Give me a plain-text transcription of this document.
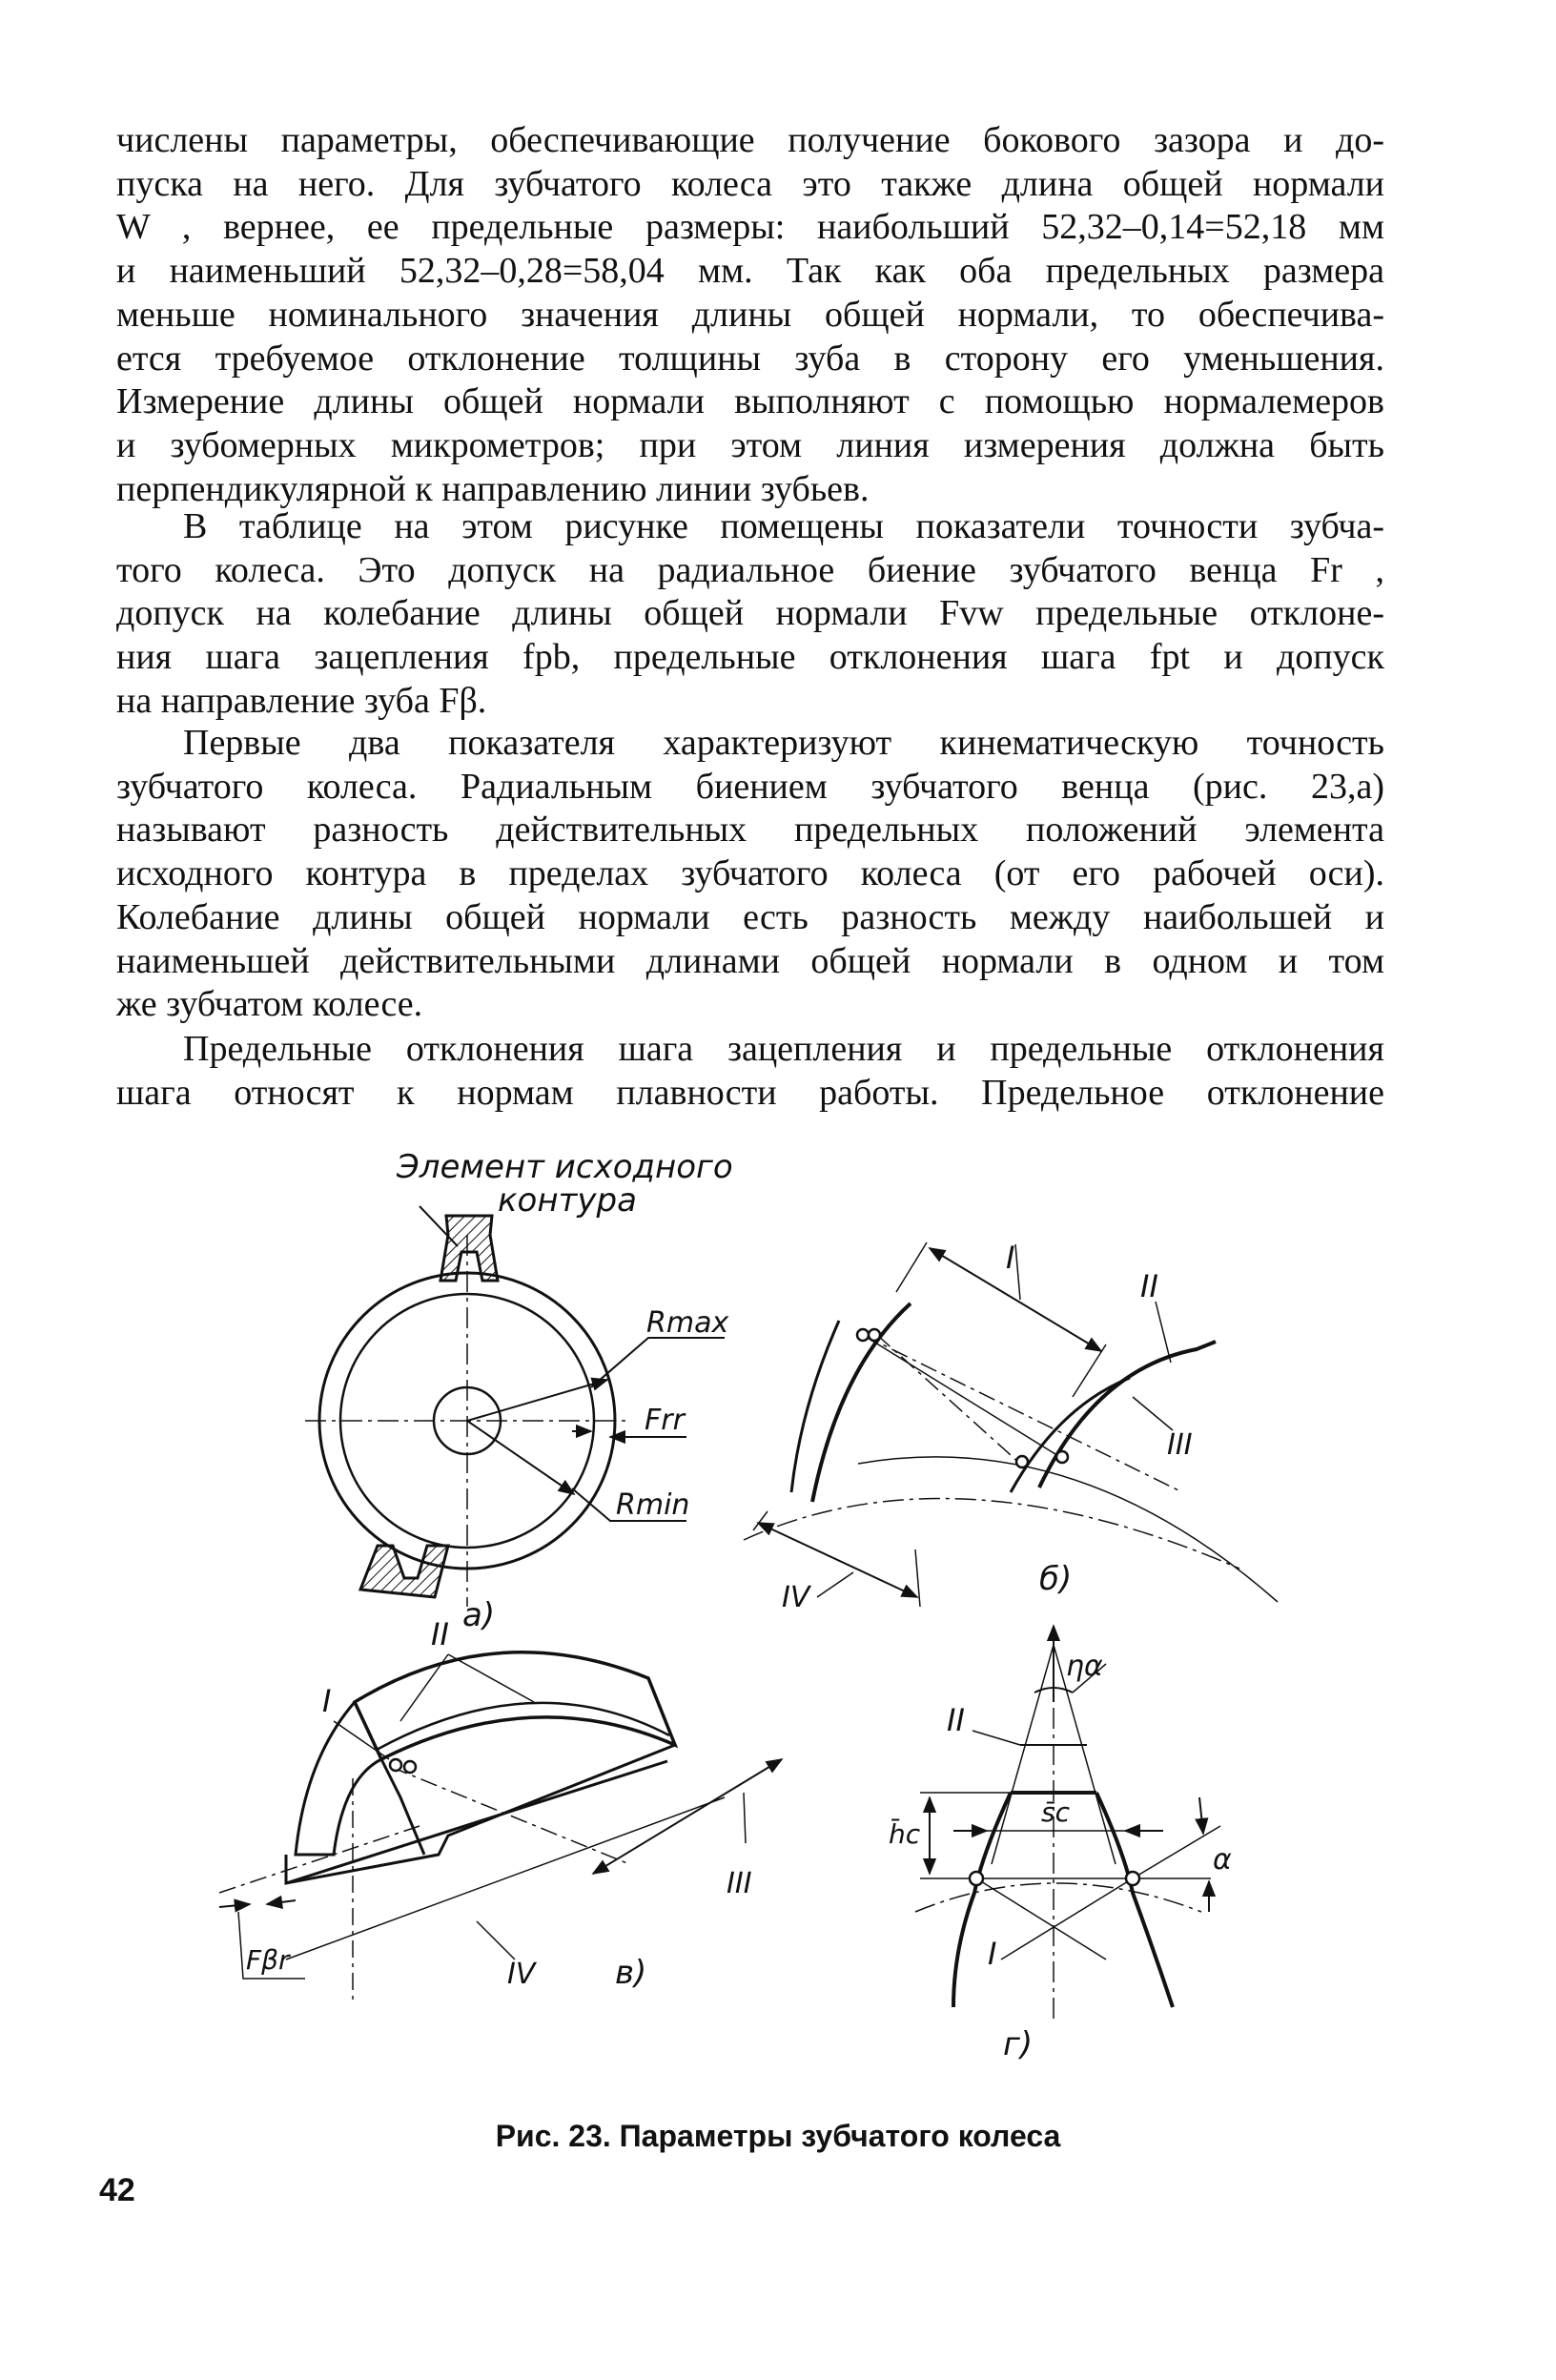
числены параметры, обеспечивающие получение бокового зазора и до-
пуска на него. Для зубчатого колеса это также длина общей нормали
W , вернее, ее предельные размеры: наибольший 52,32–0,14=52,18 мм
и наименьший 52,32–0,28=58,04 мм. Так как оба предельных размера
меньше номинального значения длины общей нормали, то обеспечива-
ется требуемое отклонение толщины зуба в сторону его уменьшения.
Измерение длины общей нормали выполняют с помощью нормалемеров
и зубомерных микрометров; при этом линия измерения должна быть
перпендикулярной к направлению линии зубьев.
В таблице на этом рисунке помещены показатели точности зубча-
того колеса. Это допуск на радиальное биение зубчатого венца Fr ,
допуск на колебание длины общей нормали Fvw предельные отклоне-
ния шага зацепления fpb, предельные отклонения шага fpt и допуск
на направление зуба Fβ.
Первые два показателя характеризуют кинематическую точность
зубчатого колеса. Радиальным биением зубчатого венца (рис. 23,а)
называют разность действительных предельных положений элемента
исходного контура в пределах зубчатого колеса (от его рабочей оси).
Колебание длины общей нормали есть разность между наибольшей и
наименьшей действительными длинами общей нормали в одном и том
же зубчатом колесе.
Предельные отклонения шага зацепления и предельные отклонения
шага относят к нормам плавности работы. Предельное отклонение
Элемент исходного
контура
Rmax
Frr
Rmin
а)
I
II
III
IV	б)
I
II
III
IV
Fβr	в)
ηα
II
h̄c
s̄c
α
I
г)
Рис. 23. Параметры зубчатого колеса
42
